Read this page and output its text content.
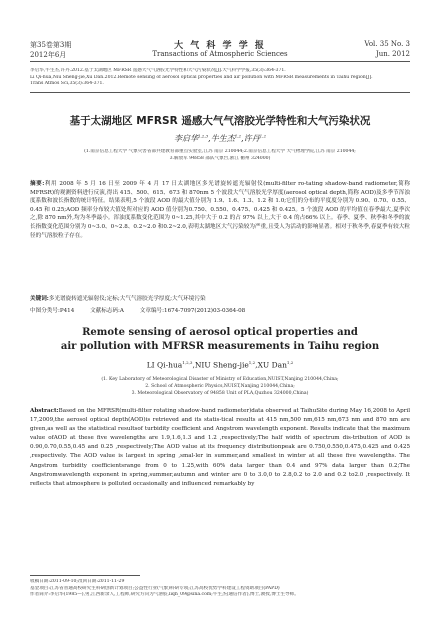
第35卷第3期	大 气 科 学 学 报	Vol. 35 No. 3
2012年6月	Transactions of Atmospheric Sciences	Jun. 2012
李启华,牛生杰,许丹.2012.基于太湖地区 MFRSR 遥感大气气溶胶光学特性和大气污染状况[J].大气科学学报,35(3):364-371.
Li Qi-hua,Niu Sheng-jie,Xu Dan.2012.Remote sensing of aerosol optical properties and air pollution with MFRSR measurements in Taihu region[J].
Trans Atmos Sci,35(3):364-371.
基于太湖地区 MFRSR 遥感大气气溶胶光学特性和大气污染状况
李启华$^{1,2,3}$,牛生杰$^{1,2}$,许丹$^{1,2}$
(1.南京信息工程大学 气象灾害省部共建教育部重点实验室,江苏 南京 210044;2.南京信息工程大学 大气物理学院,江苏 南京 210044;
3.解放军 94858 部队气象台,浙江 衢州 324000)
摘要:利用 2008 年 5 月 16 日至 2009 年 4 月 17 日太湖地区多光谱旋转遮光辐射仪(multi-filter ro-tating shadow-band radiometer,简称 MFRSR)的观测资料进行反演,得出 415、500、615、673 和 870nm 5 个波段大气气溶胶光学厚度(aerosol optical depth,简称 AOD)及多季节浑浊度系数和波长指数的统计特征。结果表明,5 个波段 AOD 的最大值分别为 1.9、1.6、1.3、1.2 和 1.0;它们的分布的平度度分别为 0.90、0.70、0.55、0.45 和 0.25;AOD 频率分布较大值处所对应的 AOD 值分别为0.750、0.550、0.475、0.425 和 0.425。5 个波段 AOD 的平均值在春季最大,夏季次之,除 870 nm外,均为冬季最小。浑浊度系数变化范围为 0~1.25,其中大于 0.2 的占 97% 以上,大于 0.4 的占66% 以上。春季、夏季、秋季和冬季的波长指数变化范围分别为 0~3.0、0~2.8、0.2~2.0 和0.2~2.0,表明太湖地区大气污染较为严重,且受人为活动的影响显著。相对于秋冬季,春夏季有较大粒径的气溶胶粒子存在。
关键词:多光谱旋转遮光辐射仪;定标;大气气溶胶光学厚度;大气环境污染
中图分类号:P414	文献标志码:A	文章编号:1674-7097(2012)03-0364-08
Remote sensing of aerosol optical properties and
air pollution with MFRSR measurements in Taihu region
LI Qi-hua$^{1,2,3}$,NIU Sheng-jie$^{1,2}$,XU Dan$^{1,2}$
(1. Key Laboratory of Meteorological Disaster of Ministry of Education,NUIST,Nanjing 210044,China;
2. School of Atmospheric Physics,NUIST,Nanjing 210044,China;
3. Meteorological Observatory of 94858 Unit of PLA,Quzhou 324000,China)
Abstract:Based on the MFRSR(multi-filter rotating shadow-band radiometer)data observed at TaihuSite during May 16,2008 to April 17,2009,the aerosol optical depth(AOD)is retrieved and its statis-tical results at 415 nm,500 nm,615 nm,673 nm and 870 nm are given,as well as the statistical resultsof turbidity coefficient and Angstrom wavelength exponent. Results indicate that the maximum value ofAOD at these five wavelengths are 1.9,1.6,1.3 and 1.2 ,respectively;The half width of spectrum dis-tribution of AOD is 0.90,0.70,0.55,0.45 and 0.25 ,respectively;The AOD value at its frequency distributionpeak are 0.750,0.550,0.475,0.425 and 0.425 ,respectively. The AOD value is largest in spring ,smal-ler in summer,and smallest in winter at all these five wavelengths. The Angstrom turbidity coefficientsrange from 0 to 1.25,with 60% data larger than 0.4 and 97% data larger than 0.2;The Angstromwavelength exponent in spring,summer,autumn and winter are 0 to 3.0,0 to 2.8,0.2 to 2.0 and 0.2 to2.0 ,respectively. It reflects that atmosphere is polluted occasionally and influenced remarkably by
收稿日期:2011-09-10;改回日期:2011-11-29
基金项目:江苏省普通高校研究生科研创新计划项目;公益性行业(气象)科研专项;江苏高校优势学科建设工程资助项目(PAPD)
作者简介:李启华(1985—),男,江西新余人,工程师,研究方向为气溶胶,liqh_09@sina.com;牛生杰(通信作者),博士,教授,博士生导师。
